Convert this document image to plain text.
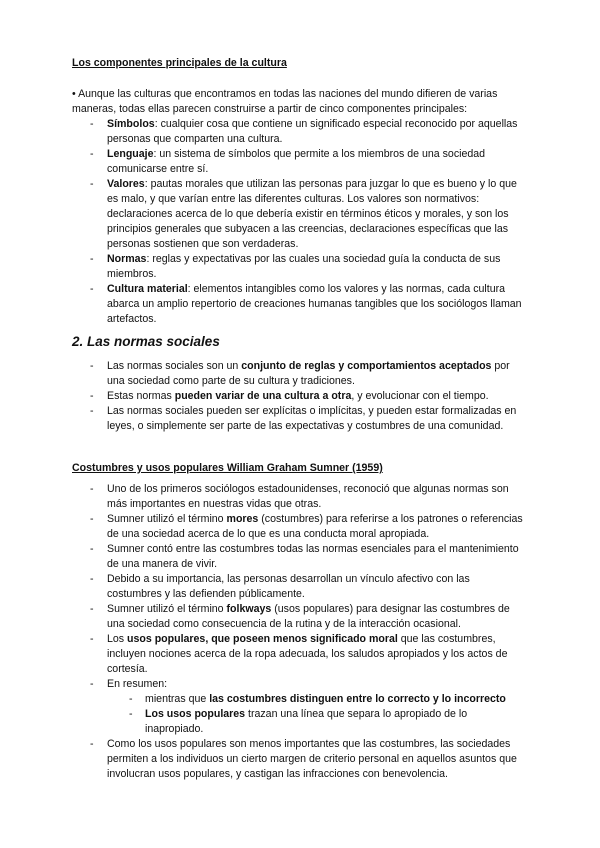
Los componentes principales de la cultura
• Aunque las culturas que encontramos en todas las naciones del mundo difieren de varias maneras, todas ellas parecen construirse a partir de cinco componentes principales:
- Símbolos: cualquier cosa que contiene un significado especial reconocido por aquellas personas que comparten una cultura.
- Lenguaje: un sistema de símbolos que permite a los miembros de una sociedad comunicarse entre sí.
- Valores: pautas morales que utilizan las personas para juzgar lo que es bueno y lo que es malo, y que varían entre las diferentes culturas. Los valores son normativos: declaraciones acerca de lo que debería existir en términos éticos y morales, y son los principios generales que subyacen a las creencias, declaraciones específicas que las personas sostienen que son verdaderas.
- Normas: reglas y expectativas por las cuales una sociedad guía la conducta de sus miembros.
- Cultura material: elementos intangibles como los valores y las normas, cada cultura abarca un amplio repertorio de creaciones humanas tangibles que los sociólogos llaman artefactos.
2. Las normas sociales
- Las normas sociales son un conjunto de reglas y comportamientos aceptados por una sociedad como parte de su cultura y tradiciones.
- Estas normas pueden variar de una cultura a otra, y evolucionar con el tiempo.
- Las normas sociales pueden ser explícitas o implícitas, y pueden estar formalizadas en leyes, o simplemente ser parte de las expectativas y costumbres de una comunidad.
Costumbres y usos populares William Graham Sumner (1959)
- Uno de los primeros sociólogos estadounidenses, reconoció que algunas normas son más importantes en nuestras vidas que otras.
- Sumner utilizó el término mores (costumbres) para referirse a los patrones o referencias de una sociedad acerca de lo que es una conducta moral apropiada.
- Sumner contó entre las costumbres todas las normas esenciales para el mantenimiento de una manera de vivir.
- Debido a su importancia, las personas desarrollan un vínculo afectivo con las costumbres y las defienden públicamente.
- Sumner utilizó el término folkways (usos populares) para designar las costumbres de una sociedad como consecuencia de la rutina y de la interacción ocasional.
- Los usos populares, que poseen menos significado moral que las costumbres, incluyen nociones acerca de la ropa adecuada, los saludos apropiados y los actos de cortesía.
- En resumen:
- mientras que las costumbres distinguen entre lo correcto y lo incorrecto
- Los usos populares trazan una línea que separa lo apropiado de lo inapropiado.
- Como los usos populares son menos importantes que las costumbres, las sociedades permiten a los individuos un cierto margen de criterio personal en aquellos asuntos que involucran usos populares, y castigan las infracciones con benevolencia.
